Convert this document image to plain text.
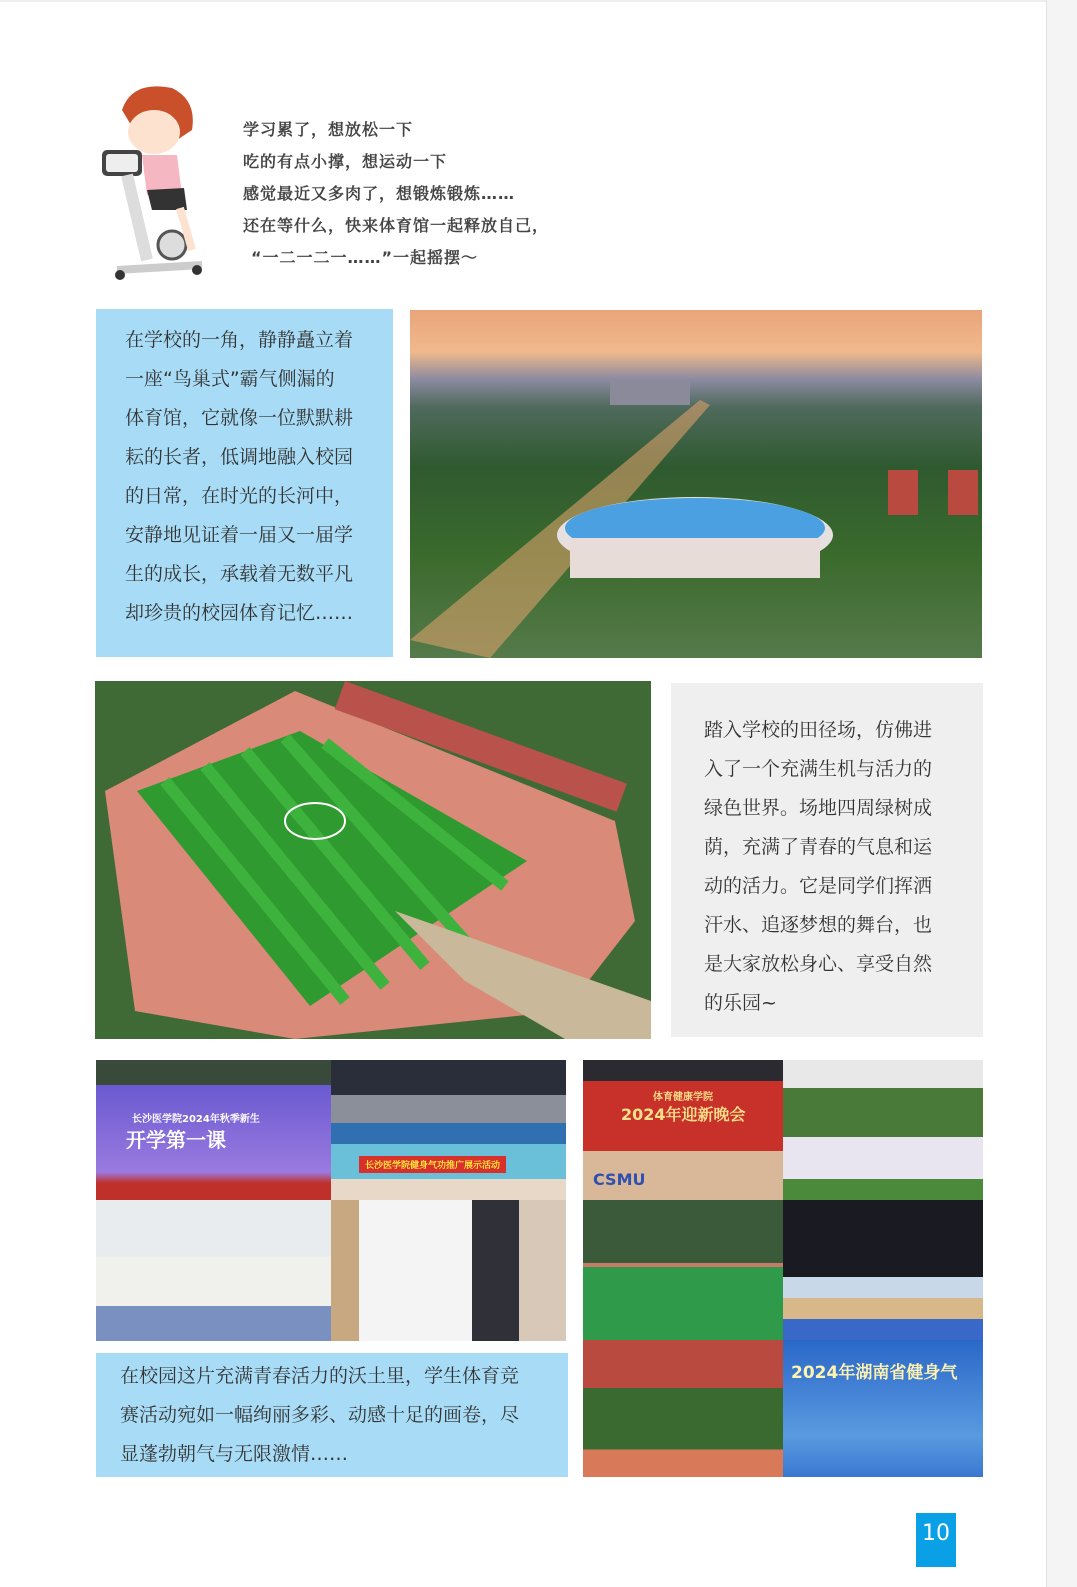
学习累了，想放松一下
吃的有点小撑，想运动一下
感觉最近又多肉了，想锻炼锻炼……
还在等什么，快来体育馆一起释放自己，
“一二一二一……”一起摇摆～
在学校的一角，静静矗立着
一座“鸟巢式”霸气侧漏的
体育馆，它就像一位默默耕
耘的长者，低调地融入校园
的日常，在时光的长河中，
安静地见证着一届又一届学
生的成长，承载着无数平凡
却珍贵的校园体育记忆……
踏入学校的田径场，仿佛进
入了一个充满生机与活力的
绿色世界。场地四周绿树成
荫，充满了青春的气息和运
动的活力。它是同学们挥洒
汗水、追逐梦想的舞台，也
是大家放松身心、享受自然
的乐园~
长沙医学院2024年秋季新生
开学第一课
长沙医学院健身气功推广展示活动
在校园这片充满青春活力的沃土里，学生体育竞
赛活动宛如一幅绚丽多彩、动感十足的画卷，尽
显蓬勃朝气与无限激情……
体育健康学院
2024年迎新晚会
CSMU
2024年湖南省健身气
10
